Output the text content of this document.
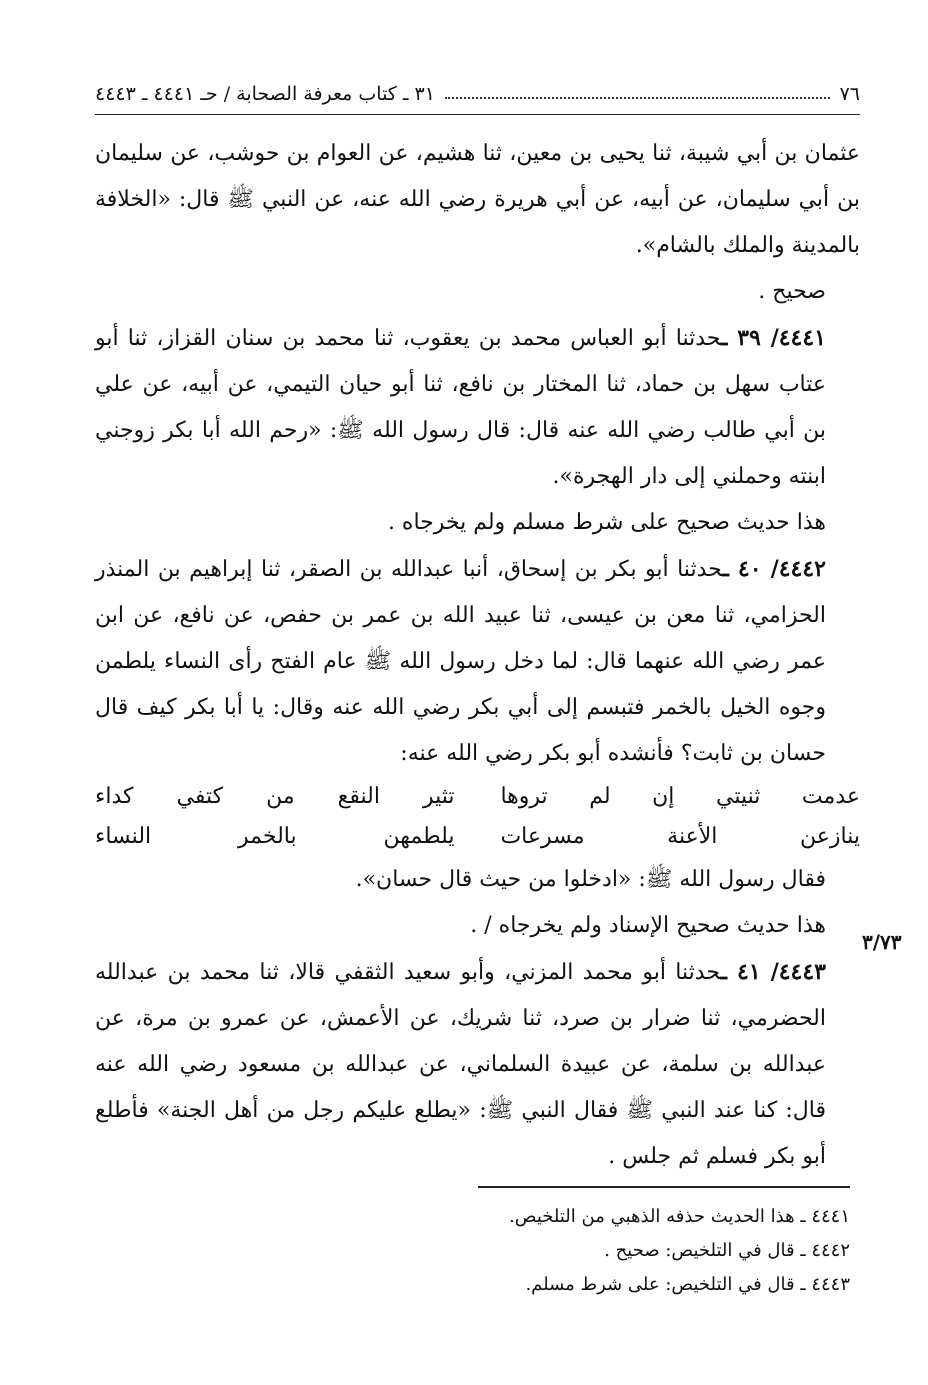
٧٦
٣١ ـ كتاب معرفة الصحابة / حـ ٤٤٤١ ـ ٤٤٤٣

عثمان بن أبي شيبة، ثنا يحيى بن معين، ثنا هشيم، عن العوام بن حوشب، عن سليمان بن أبي سليمان، عن أبيه، عن أبي هريرة رضي الله عنه، عن النبي ﷺ قال: «الخلافة بالمدينة والملك بالشام».

صحيح .

٤٤٤١/ ٣٩ ـحدثنا أبو العباس محمد بن يعقوب، ثنا محمد بن سنان القزاز، ثنا أبو عتاب سهل بن حماد، ثنا المختار بن نافع، ثنا أبو حيان التيمي، عن أبيه، عن علي بن أبي طالب رضي الله عنه قال: قال رسول الله ﷺ: «رحم الله أبا بكر زوجني ابنته وحملني إلى دار الهجرة».

هذا حديث صحيح على شرط مسلم ولم يخرجاه .

٤٤٤٢/ ٤٠ ـحدثنا أبو بكر بن إسحاق، أنبا عبدالله بن الصقر، ثنا إبراهيم بن المنذر الحزامي، ثنا معن بن عيسى، ثنا عبيد الله بن عمر بن حفص، عن نافع، عن ابن عمر رضي الله عنهما قال: لما دخل رسول الله ﷺ عام الفتح رأى النساء يلطمن وجوه الخيل بالخمر فتبسم إلى أبي بكر رضي الله عنه وقال: يا أبا بكر كيف قال حسان بن ثابت؟ فأنشده أبو بكر رضي الله عنه:

عدمت ثنيتي إن لم تروها
تثير النقع من كتفي كداء
ينازعن الأعنة مسرعات
يلطمهن بالخمر النساء

فقال رسول الله ﷺ: «ادخلوا من حيث قال حسان».

هذا حديث صحيح الإسناد ولم يخرجاه / .

٤٤٤٣/ ٤١ ـحدثنا أبو محمد المزني، وأبو سعيد الثقفي قالا، ثنا محمد بن عبدالله الحضرمي، ثنا ضرار بن صرد، ثنا شريك، عن الأعمش، عن عمرو بن مرة، عن عبدالله بن سلمة، عن عبيدة السلماني، عن عبدالله بن مسعود رضي الله عنه قال: كنا عند النبي ﷺ فقال النبي ﷺ: «يطلع عليكم رجل من أهل الجنة» فأطلع أبو بكر فسلم ثم جلس .

٣/٧٣

٤٤٤١ ـ هذا الحديث حذفه الذهبي من التلخيص.

٤٤٤٢ ـ قال في التلخيص: صحيح .

٤٤٤٣ ـ قال في التلخيص: على شرط مسلم.
